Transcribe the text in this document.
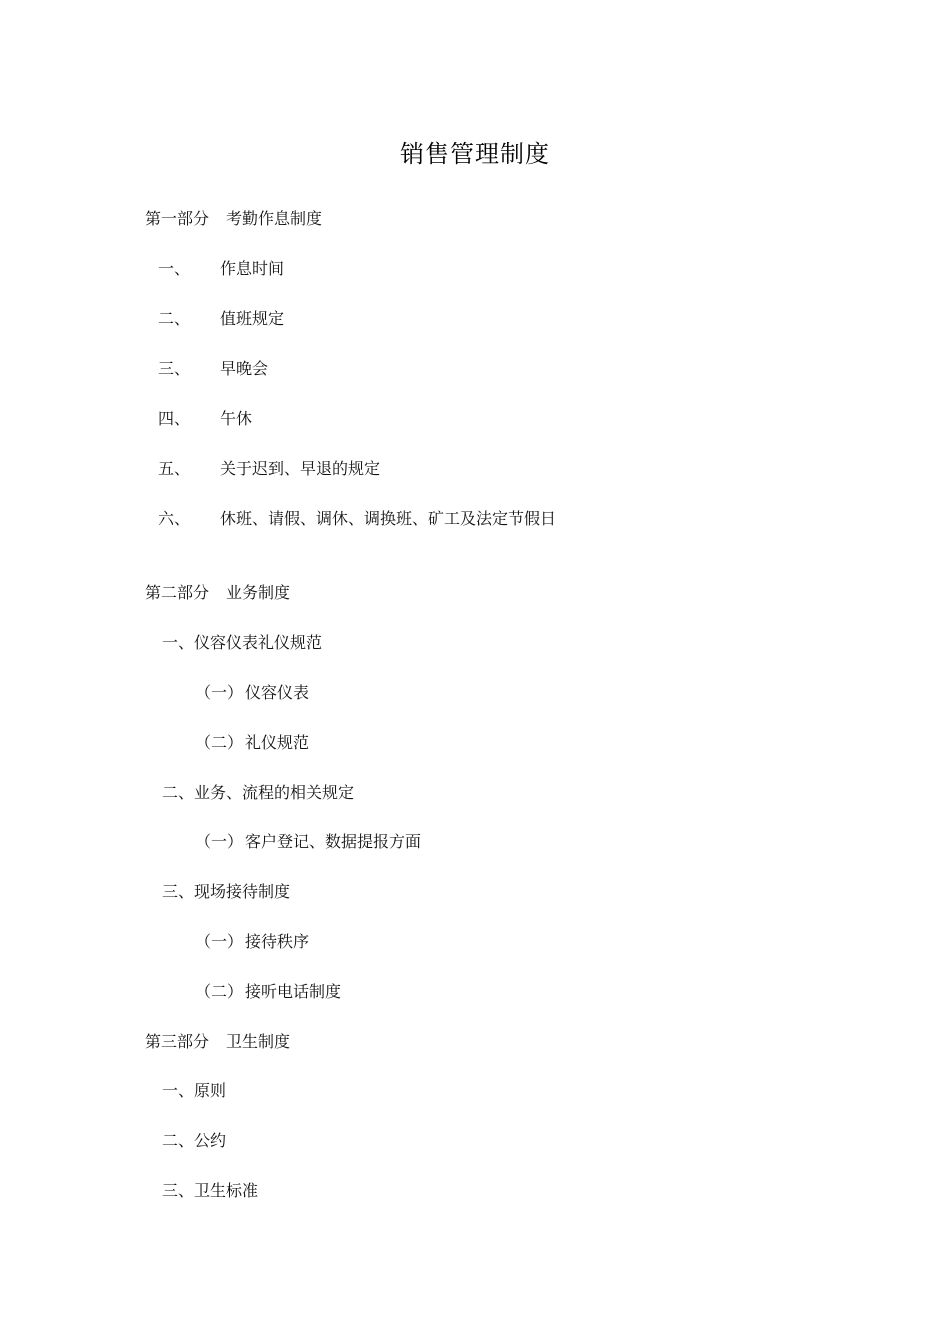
销售管理制度
第一部分 考勤作息制度
一、 作息时间
二、 值班规定
三、 早晚会
四、 午休
五、 关于迟到、早退的规定
六、 休班、请假、调休、调换班、矿工及法定节假日
第二部分 业务制度
一、仪容仪表礼仪规范
（一） 仪容仪表
（二） 礼仪规范
二、业务、流程的相关规定
（一） 客户登记、数据提报方面
三、现场接待制度
（一） 接待秩序
（二） 接听电话制度
第三部分 卫生制度
一、原则
二、公约
三、卫生标准
